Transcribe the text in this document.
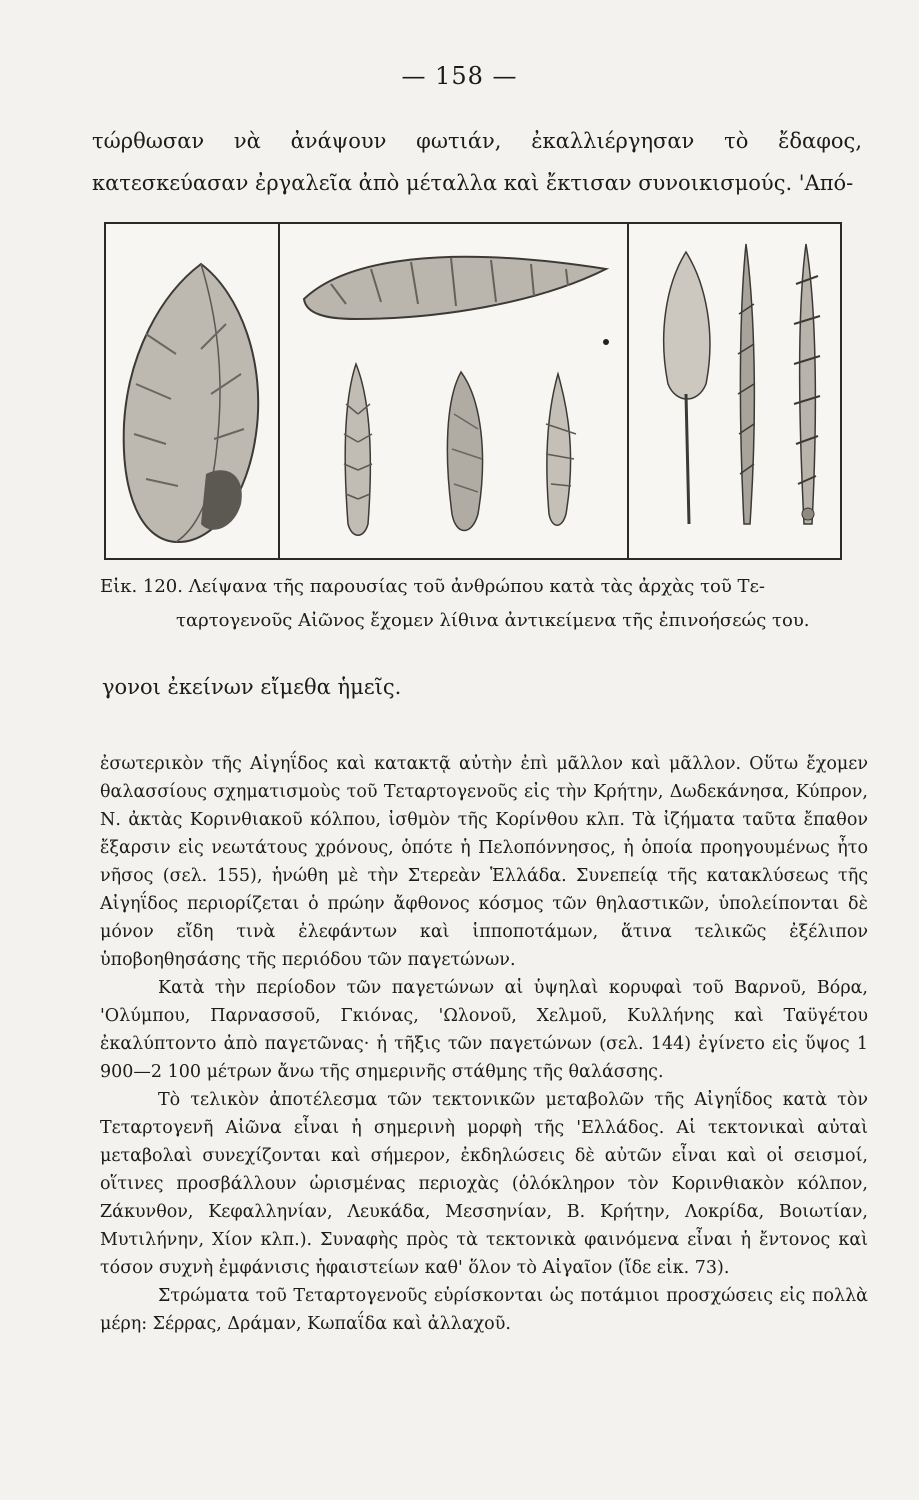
— 158 —

τώρθωσαν νὰ ἀνάψουν φωτιάν, ἐκαλλιέργησαν τὸ ἔδαφος, κατεσκεύασαν ἐργαλεῖα ἀπὸ μέταλλα καὶ ἔκτισαν συνοικισμούς. 'Από-

Εἰκ. 120. Λείψανα τῆς παρουσίας τοῦ ἀνθρώπου κατὰ τὰς ἀρχὰς τοῦ Τε-

ταρτογενοῦς Αἰῶνος ἔχομεν λίθινα ἀντικείμενα τῆς ἐπινοήσεώς του.

γονοι ἐκείνων εἴμεθα ἡμεῖς.

ἐσωτερικὸν τῆς Αἰγηΐδος καὶ κατακτᾷ αὐτὴν ἐπὶ μᾶλλον καὶ μᾶλλον. Οὕτω ἔχομεν θαλασσίους σχηματισμοὺς τοῦ Τεταρτογενοῦς εἰς τὴν Κρήτην, Δωδεκάνησα, Κύπρον, Ν. ἀκτὰς Κορινθιακοῦ κόλπου, ἰσθμὸν τῆς Κορίνθου κλπ. Τὰ ἰζήματα ταῦτα ἔπαθον ἔξαρσιν εἰς νεωτάτους χρόνους, ὁπότε ἡ Πελοπόννησος, ἡ ὁποία προηγουμένως ἦτο νῆσος (σελ. 155), ἡνώθη μὲ τὴν Στερεὰν Ἑλλάδα. Συνεπείᾳ τῆς κατακλύσεως τῆς Αἰγηΐδος περιορίζεται ὁ πρώην ἄφθονος κόσμος τῶν θηλαστικῶν, ὑπολείπονται δὲ μόνον εἴδη τινὰ ἐλεφάντων καὶ ἱπποποτάμων, ἅτινα τελικῶς ἐξέλιπον ὑποβοηθησάσης τῆς περιόδου τῶν παγετώνων.

Κατὰ τὴν περίοδον τῶν παγετώνων αἱ ὑψηλαὶ κορυφαὶ τοῦ Βαρνοῦ, Βόρα, 'Ολύμπου, Παρνασσοῦ, Γκιόνας, 'Ωλονοῦ, Χελμοῦ, Κυλλήνης καὶ Ταϋγέτου ἐκαλύπτοντο ἀπὸ παγετῶνας· ἡ τῆξις τῶν παγετώνων (σελ. 144) ἐγίνετο εἰς ὕψος 1 900—2 100 μέτρων ἄνω τῆς σημερινῆς στάθμης τῆς θαλάσσης.

Τὸ τελικὸν ἀποτέλεσμα τῶν τεκτονικῶν μεταβολῶν τῆς Αἰγηΐδος κατὰ τὸν Τεταρτογενῆ Αἰῶνα εἶναι ἡ σημερινὴ μορφὴ τῆς 'Ελλάδος. Αἱ τεκτονικαὶ αὐταὶ μεταβολαὶ συνεχίζονται καὶ σήμερον, ἐκδηλώσεις δὲ αὐτῶν εἶναι καὶ οἱ σεισμοί, οἵτινες προσβάλλουν ὡρισμένας περιοχὰς (ὁλόκληρον τὸν Κορινθιακὸν κόλπον, Ζάκυνθον, Κεφαλληνίαν, Λευκάδα, Μεσσηνίαν, Β. Κρήτην, Λοκρίδα, Βοιωτίαν, Μυτιλήνην, Χίον κλπ.). Συναφὴς πρὸς τὰ τεκτονικὰ φαινόμενα εἶναι ἡ ἔντονος καὶ τόσον συχνὴ ἐμφάνισις ἡφαιστείων καθ' ὅλον τὸ Αἰγαῖον (ἴδε εἰκ. 73).

Στρώματα τοῦ Τεταρτογενοῦς εὑρίσκονται ὡς ποτάμιοι προσχώσεις εἰς πολλὰ μέρη: Σέρρας, Δράμαν, Κωπαΐδα καὶ ἀλλαχοῦ.
